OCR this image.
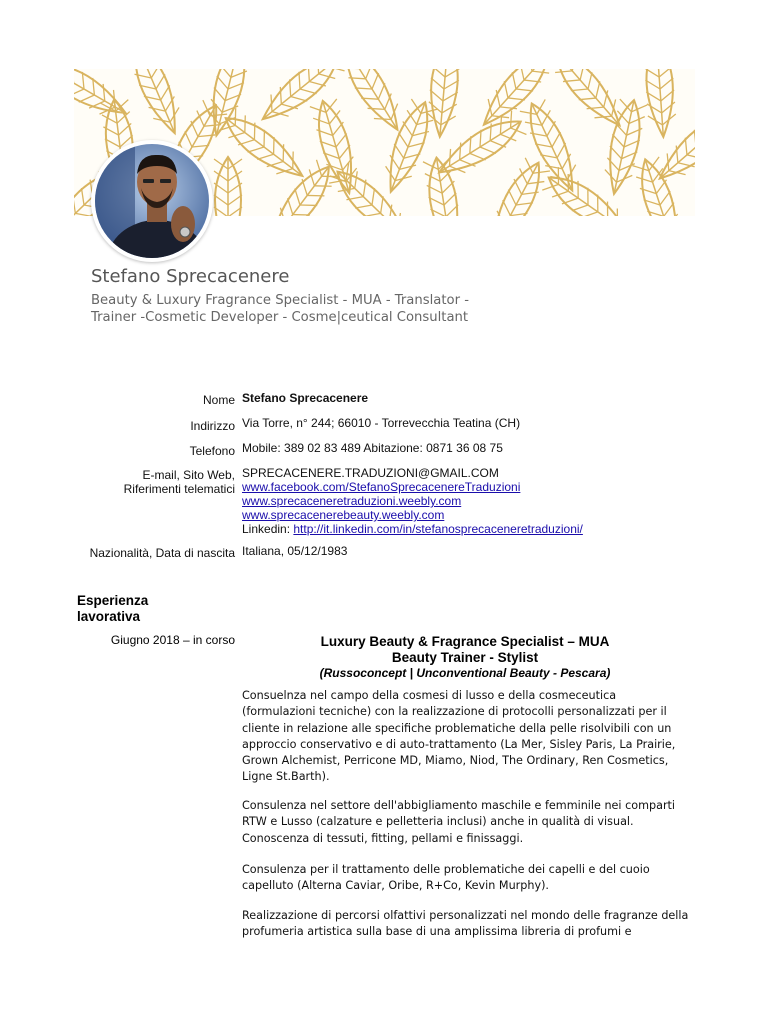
Stefano Sprecacenere
Beauty & Luxury Fragrance Specialist - MUA - Translator - Trainer -Cosmetic Developer - Cosme|ceutical Consultant
Nome Stefano Sprecacenere
Indirizzo Via Torre, n° 244; 66010 - Torrevecchia Teatina (CH)
Telefono Mobile: 389 02 83 489 Abitazione: 0871 36 08 75
E-mail, Sito Web,
Riferimenti telematici
SPRECACENERE.TRADUZIONI@GMAIL.COM
www.facebook.com/StefanoSprecacenereTraduzioni
www.sprecaceneretraduzioni.weebly.com
www.sprecacenerebeauty.weebly.com
Linkedin: http://it.linkedin.com/in/stefanosprecaceneretraduzioni/
Nazionalità, Data di nascita Italiana, 05/12/1983
Esperienza lavorativa
Giugno 2018 – in corso	Luxury Beauty & Fragrance Specialist – MUA
Beauty Trainer - Stylist
(Russoconcept | Unconventional Beauty - Pescara)
Consuelnza nel campo della cosmesi di lusso e della cosmeceutica (formulazioni tecniche) con la realizzazione di protocolli personalizzati per il cliente in relazione alle specifiche problematiche della pelle risolvibili con un approccio conservativo e di auto-trattamento (La Mer, Sisley Paris, La Prairie, Grown Alchemist, Perricone MD, Miamo, Niod, The Ordinary, Ren Cosmetics, Ligne St.Barth).
Consulenza nel settore dell'abbigliamento maschile e femminile nei comparti RTW e Lusso (calzature e pelletteria inclusi) anche in qualità di visual. Conoscenza di tessuti, fitting, pellami e finissaggi.
Consulenza per il trattamento delle problematiche dei capelli e del cuoio capelluto (Alterna Caviar, Oribe, R+Co, Kevin Murphy).
Realizzazione di percorsi olfattivi personalizzati nel mondo delle fragranze della profumeria artistica sulla base di una amplissima libreria di profumi e
